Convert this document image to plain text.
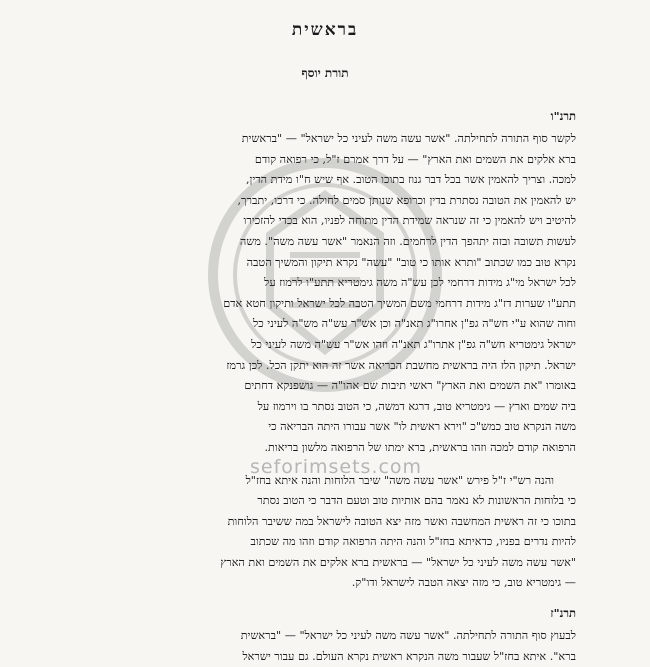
בראשית
תורת יוסף
תרנ"ו
לקשר סוף התורה לתחילתה. "אשר עשה משה לעיני כל ישראל" — "בראשית
ברא אלקים את השמים ואת הארץ" — על דרך אמרם ז"ל, כי רפואה קודם
למכה. וצריך להאמין אשר בכל דבר גנוז בתוכו הטוב. אף שיש ח"ו מידת הדין,
יש להאמין את הטובה נסתרת בדין וכרופא שנותן סמים לחולה. כי דרכו, יתברך,
להיטיב ויש להאמין כי זה שנראה שמידת הדין מתוחה לפניו, הוא בכדי להזכירו
לעשות תשובה ובזה יתהפך הדין לרחמים. וזה הנאמר "אשר עשה משה". משה
נקרא טוב כמו שכתוב "ותרא אותו כי טוב" "עשה" נקרא תיקון והמשיך הטבה
לכל ישראל מי"ג מידות דרחמי לכן עש"ה משה גימטריא תתע"ו לרמוז על
תתע"ו שערות דז"ג מידות דרחמי משם המשיך הטבה לכל ישראל ותיקון חטא אדם
וחוה שהוא ע"י חש"ה גפ"ן אחרו"ג תאנ"ה וכן אש"ר עש"ה מש"ה לעיני כל
ישראל גימטריא חש"ה גפ"ן אתרו"ג תאנ"ה וזהו אש"ר עש"ה משה לעיני כל
ישראל. תיקון הלז היה בראשית מחשבת הבריאה אשר זה הוא יתקן הכל. לכן גרמז
באומרו "את השמים ואת הארץ" ראשי תיבות שם אהו"ה — גושפנקא דחתים
ביה שמים וארץ — גימטריא טוב, דרגא דמשה, כי הטוב נסתר בו וירמוז על
משה הנקרא טוב כמש"כ "וירא ראשית לו" אשר עבורו היתה הבריאה כי
הרפואה קודם למכה וזהו בראשית, ברא ימתו של הרפואה מלשון בריאות.
והנה רש"י ז"ל פירש "אשר עשה משה" שיבר הלוחות והנה איתא בחז"ל
כי בלוחות הראשונות לא נאמר בהם אותיות טוב וטעם הדבר כי הטוב נסתר
בתוכו כי זה ראשית המחשבה ואשר מזה יצא הטובה לישראל במה ששיבר הלוחות
להיות נדרים בפניו, כדאיתא בחז"ל והנה היתה הרפואה קודם וזהו מה שכתוב
"אשר עשה משה לעיני כל ישראל" — בראשית ברא אלקים את השמים ואת הארץ
— גימטריא טוב, כי מזה יצאה הטבה לישראל ודו"ק.
תרנ"ז
לבעוץ סוף התורה לתחילתה. "אשר עשה משה לעיני כל ישראל" — "בראשית
ברא". איתא בחז"ל שעבור משה הנקרא ראשית נקרא העולם. גם עבור ישראל
seforimsets.com
